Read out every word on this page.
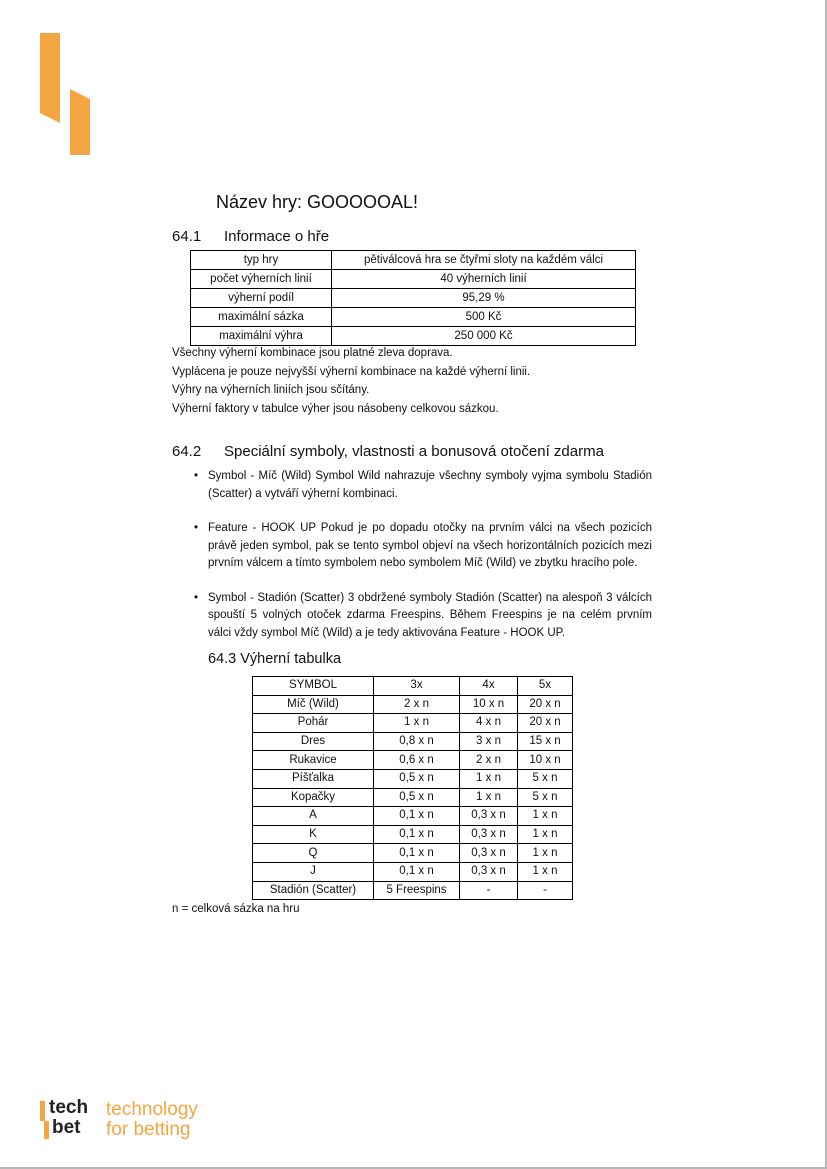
Název hry: GOOOOOAL!
64.1 Informace o hře
typ hry	pětiválcová hra se čtyřmi sloty na každém válci
počet výherních linií	40 výherních linií
výherní podíl	95,29 %
maximální sázka	500 Kč
maximální výhra	250 000 Kč
Všechny výherní kombinace jsou platné zleva doprava.
Vyplácena je pouze nejvyšší výherní kombinace na každé výherní linii.
Výhry na výherních liniích jsou sčítány.
Výherní faktory v tabulce výher jsou násobeny celkovou sázkou.
64.2 Speciální symboly, vlastnosti a bonusová otočení zdarma
• Symbol - Míč (Wild) Symbol Wild nahrazuje všechny symboly vyjma symbolu Stadión (Scatter) a vytváří výherní kombinaci.
• Feature - HOOK UP Pokud je po dopadu otočky na prvním válci na všech pozicích právě jeden symbol, pak se tento symbol objeví na všech horizontálních pozicích mezi prvním válcem a tímto symbolem nebo symbolem Míč (Wild) ve zbytku hracího pole.
• Symbol - Stadión (Scatter) 3 obdržené symboly Stadión (Scatter) na alespoň 3 válcích spouští 5 volných otoček zdarma Freespins. Během Freespins je na celém prvním válci vždy symbol Míč (Wild) a je tedy aktivována Feature - HOOK UP.
64.3 Výherní tabulka
SYMBOL	3x	4x	5x
Míč (Wild)	2 x n	10 x n	20 x n
Pohár	1 x n	4 x n	20 x n
Dres	0,8 x n	3 x n	15 x n
Rukavice	0,6 x n	2 x n	10 x n
Píšťalka	0,5 x n	1 x n	5 x n
Kopačky	0,5 x n	1 x n	5 x n
A	0,1 x n	0,3 x n	1 x n
K	0,1 x n	0,3 x n	1 x n
Q	0,1 x n	0,3 x n	1 x n
J	0,1 x n	0,3 x n	1 x n
Stadión (Scatter)	5 Freespins	-	-
n = celková sázka na hru
tech
bet
technology
for betting
